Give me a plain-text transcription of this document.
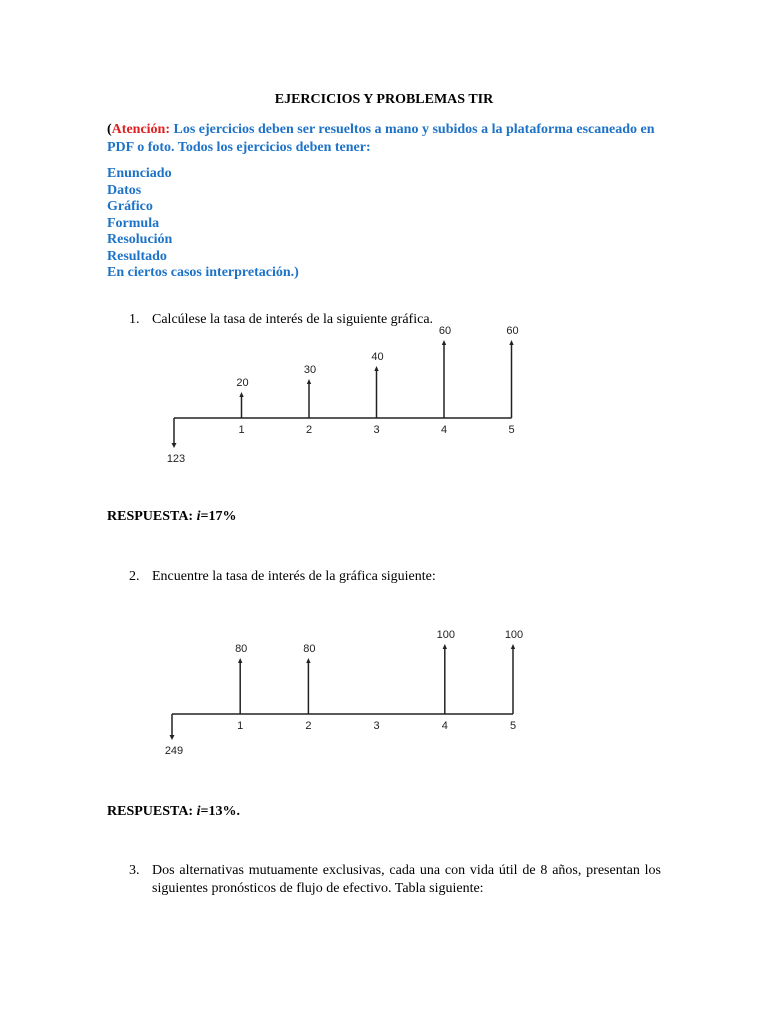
EJERCICIOS Y PROBLEMAS TIR
(Atención: Los ejercicios deben ser resueltos a mano y subidos a la plataforma escaneado en PDF o foto. Todos los ejercicios deben tener:
Enunciado
Datos
Gráfico
Formula
Resolución
Resultado
En ciertos casos interpretación.)
1. Calcúlese la tasa de interés de la siguiente gráfica.
123
1	2	3	4	5
20
30
40
60	60
RESPUESTA: i=17%
2. Encuentre la tasa de interés de la gráfica siguiente:
249
1	2	3	4	5
80	80
100	100
RESPUESTA: i=13%.
3. Dos alternativas mutuamente exclusivas, cada una con vida útil de 8 años, presentan los siguientes pronósticos de flujo de efectivo. Tabla siguiente:
